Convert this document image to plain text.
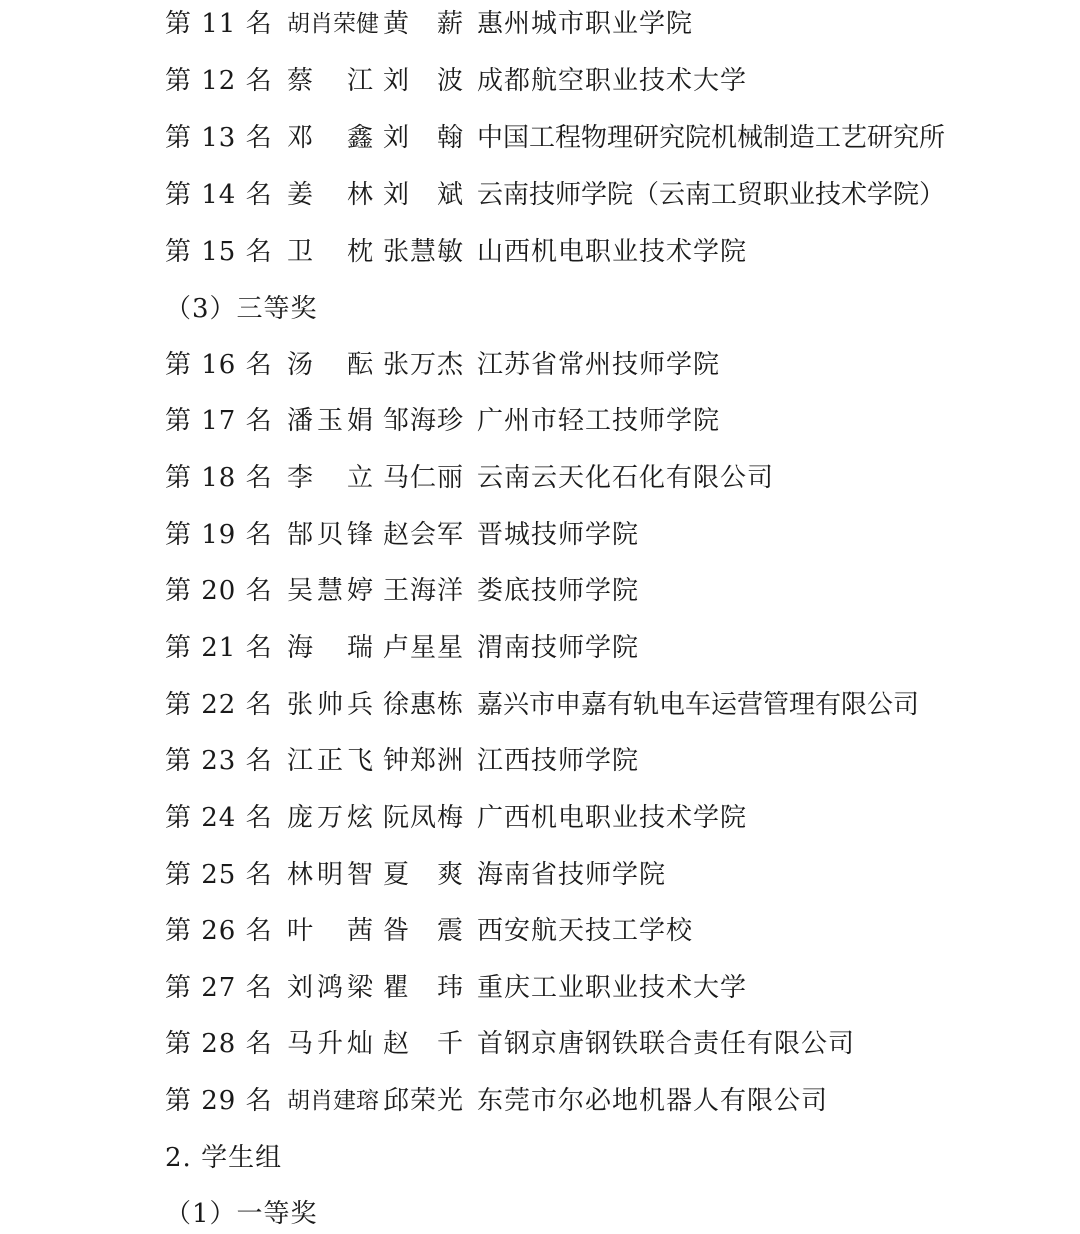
第 11 名 胡肖荣健 黄　薪 惠州城市职业学院
第 12 名 蔡　江 刘　波 成都航空职业技术大学
第 13 名 邓　鑫 刘　翰 中国工程物理研究院机械制造工艺研究所
第 14 名 姜　林 刘　斌 云南技师学院（云南工贸职业技术学院）
第 15 名 卫　枕 张慧敏 山西机电职业技术学院
（3）三等奖
第 16 名 汤　酝 张万杰 江苏省常州技师学院
第 17 名 潘玉娟 邹海珍 广州市轻工技师学院
第 18 名 李　立 马仁丽 云南云天化石化有限公司
第 19 名 郜贝锋 赵会军 晋城技师学院
第 20 名 吴慧婷 王海洋 娄底技师学院
第 21 名 海　瑞 卢星星 渭南技师学院
第 22 名 张帅兵 徐惠栋 嘉兴市申嘉有轨电车运营管理有限公司
第 23 名 江正飞 钟郑洲 江西技师学院
第 24 名 庞万炫 阮凤梅 广西机电职业技术学院
第 25 名 林明智 夏　爽 海南省技师学院
第 26 名 叶　茜 昝　震 西安航天技工学校
第 27 名 刘鸿梁 瞿　玮 重庆工业职业技术大学
第 28 名 马升灿 赵　千 首钢京唐钢铁联合责任有限公司
第 29 名 胡肖建瑢 邱荣光 东莞市尔必地机器人有限公司
2. 学生组
（1）一等奖
